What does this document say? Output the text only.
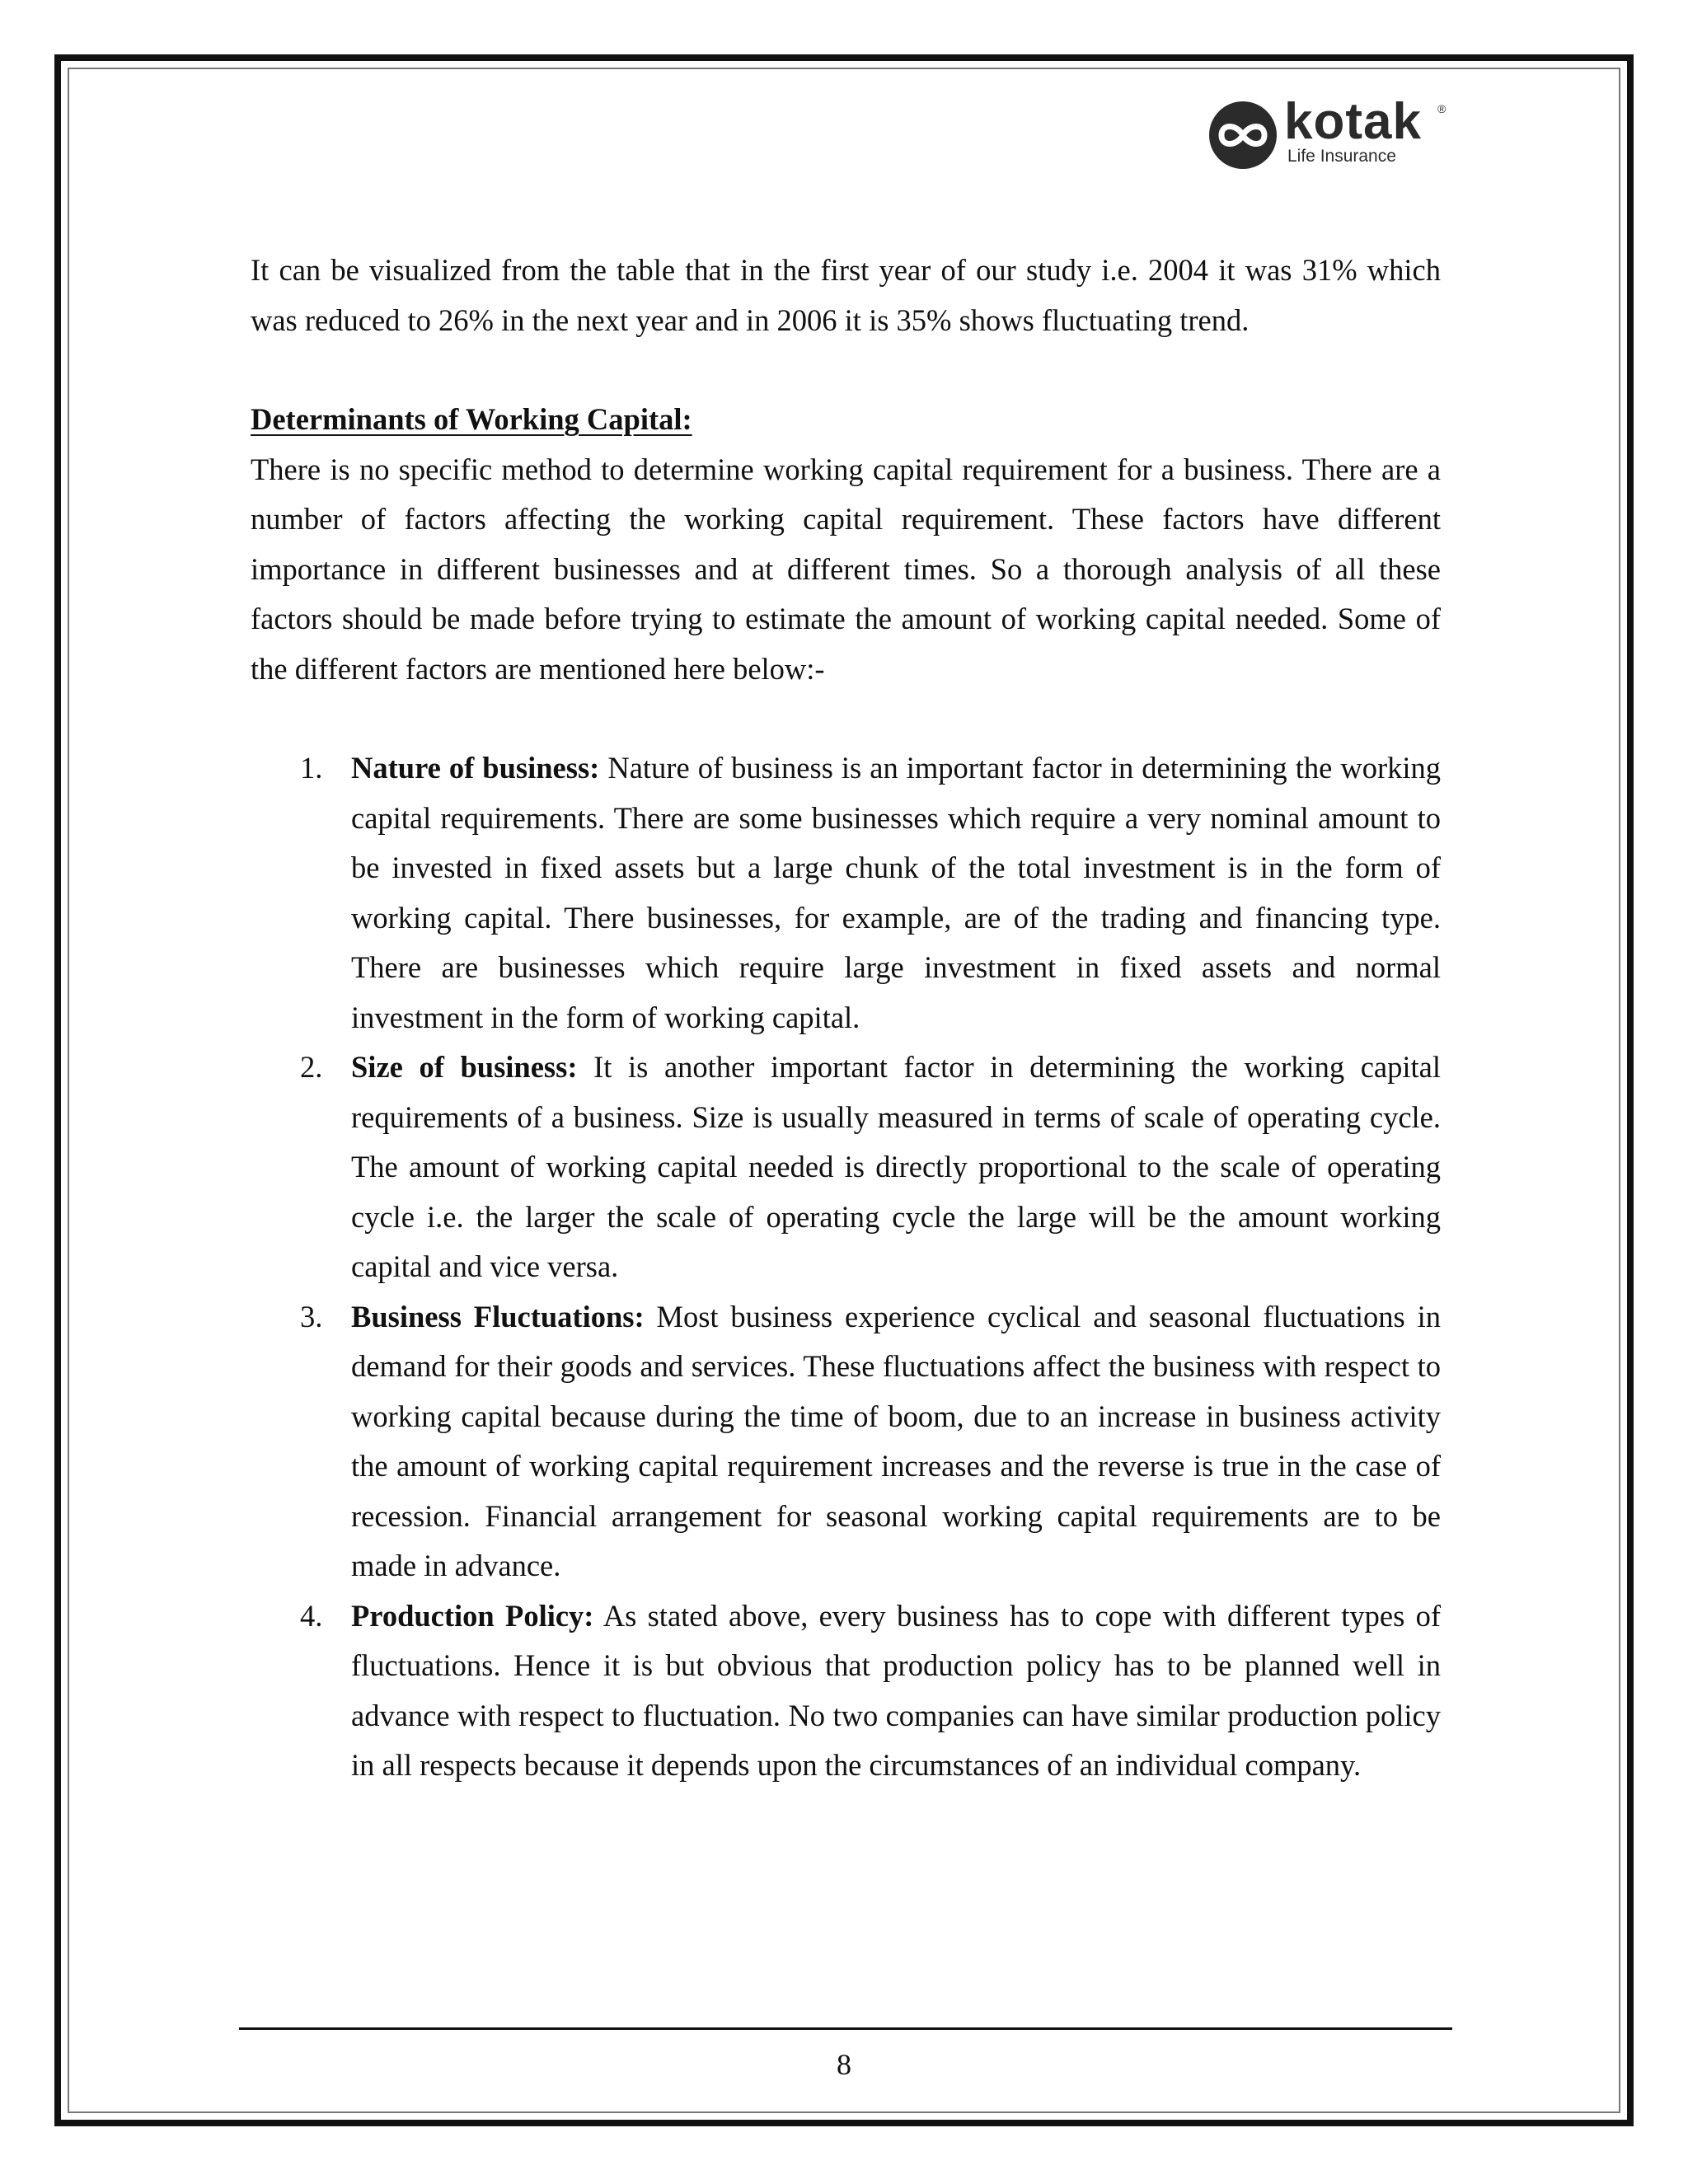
kotak ®
Life Insurance

It can be visualized from the table that in the first year of our study i.e. 2004 it was 31% which was reduced to 26% in the next year and in 2006 it is 35% shows fluctuating trend.

Determinants of Working Capital:

There is no specific method to determine working capital requirement for a business. There are a number of factors affecting the working capital requirement. These factors have different importance in different businesses and at different times. So a thorough analysis of all these factors should be made before trying to estimate the amount of working capital needed. Some of the different factors are mentioned here below:-

1. Nature of business: Nature of business is an important factor in determining the working capital requirements. There are some businesses which require a very nominal amount to be invested in fixed assets but a large chunk of the total investment is in the form of working capital. There businesses, for example, are of the trading and financing type. There are businesses which require large investment in fixed assets and normal investment in the form of working capital.
2. Size of business: It is another important factor in determining the working capital requirements of a business. Size is usually measured in terms of scale of operating cycle. The amount of working capital needed is directly proportional to the scale of operating cycle i.e. the larger the scale of operating cycle the large will be the amount working capital and vice versa.
3. Business Fluctuations: Most business experience cyclical and seasonal fluctuations in demand for their goods and services. These fluctuations affect the business with respect to working capital because during the time of boom, due to an increase in business activity the amount of working capital requirement increases and the reverse is true in the case of recession. Financial arrangement for seasonal working capital requirements are to be made in advance.
4. Production Policy: As stated above, every business has to cope with different types of fluctuations. Hence it is but obvious that production policy has to be planned well in advance with respect to fluctuation. No two companies can have similar production policy in all respects because it depends upon the circumstances of an individual company.
8
